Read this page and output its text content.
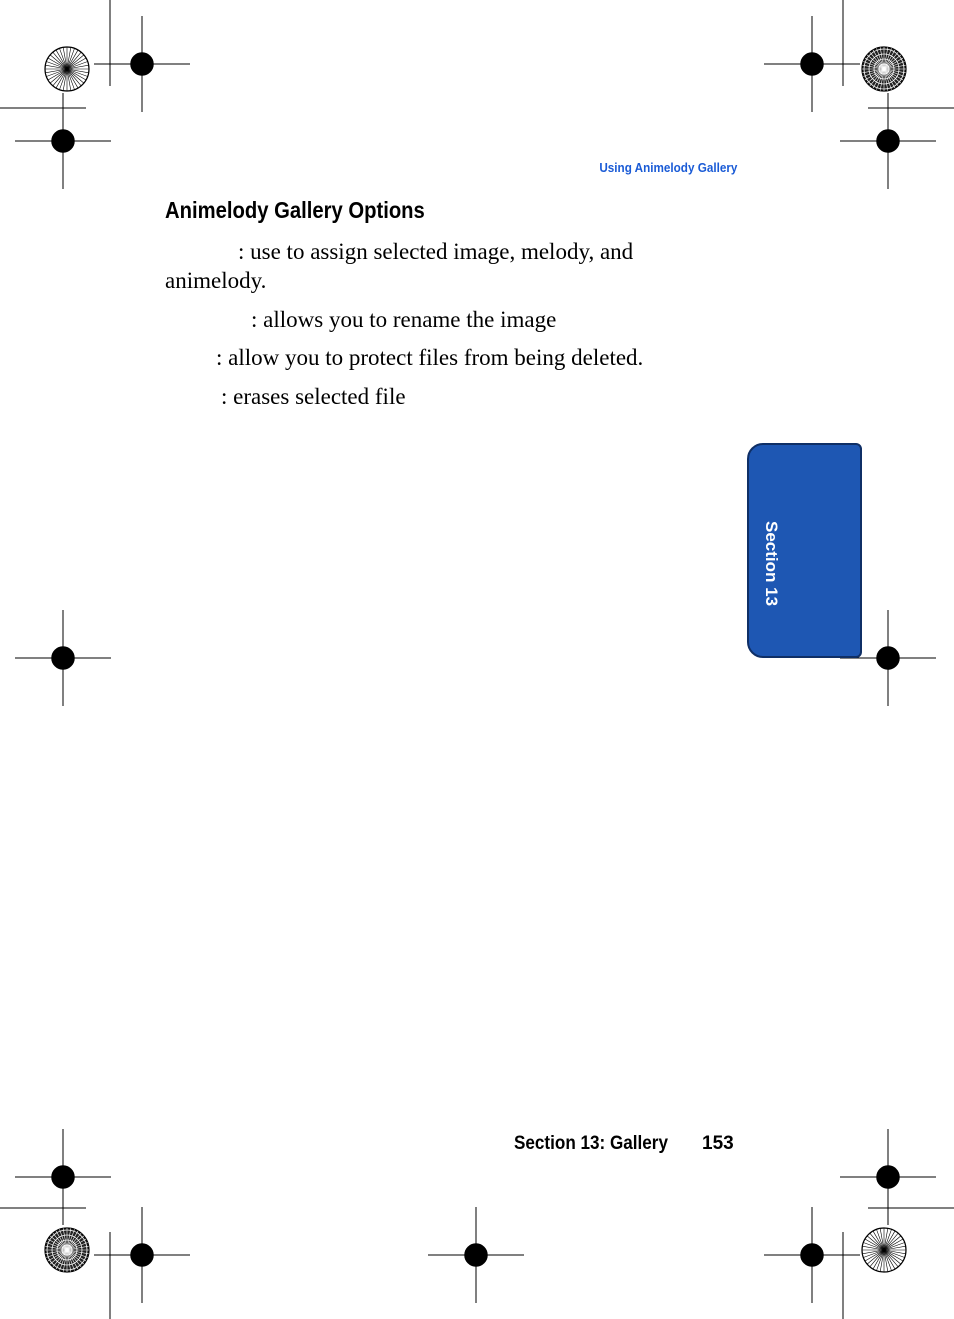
Using Animelody Gallery
Animelody Gallery Options
: use to assign selected image, melody, and
animelody.
: allows you to rename the image
: allow you to protect files from being deleted.
: erases selected file
Section 13
Section 13: Gallery 153
